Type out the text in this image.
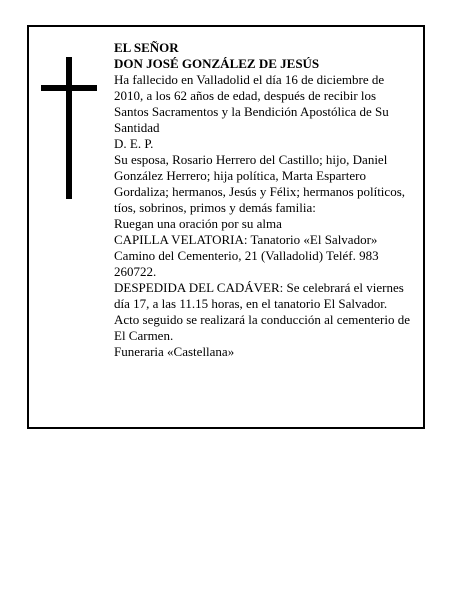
EL SEÑOR

DON JOSÉ GONZÁLEZ DE JESÚS

Ha fallecido en Valladolid el día 16 de diciembre de 2010, a los 62 años de edad, después de recibir los Santos Sacramentos y la Bendición Apostólica de Su Santidad

D. E. P.

Su esposa, Rosario Herrero del Castillo; hijo, Daniel González Herrero; hija política, Marta Espartero Gordaliza; hermanos, Jesús y Félix; hermanos políticos, tíos, sobrinos, primos y demás familia:

Ruegan una oración por su alma

CAPILLA VELATORIA: Tanatorio «El Salvador» Camino del Cementerio, 21 (Valladolid) Teléf. 983 260722.

DESPEDIDA DEL CADÁVER: Se celebrará el viernes día 17, a las 11.15 horas, en el tanatorio El Salvador. Acto seguido se realizará la conducción al cementerio de El Carmen.

Funeraria «Castellana»
